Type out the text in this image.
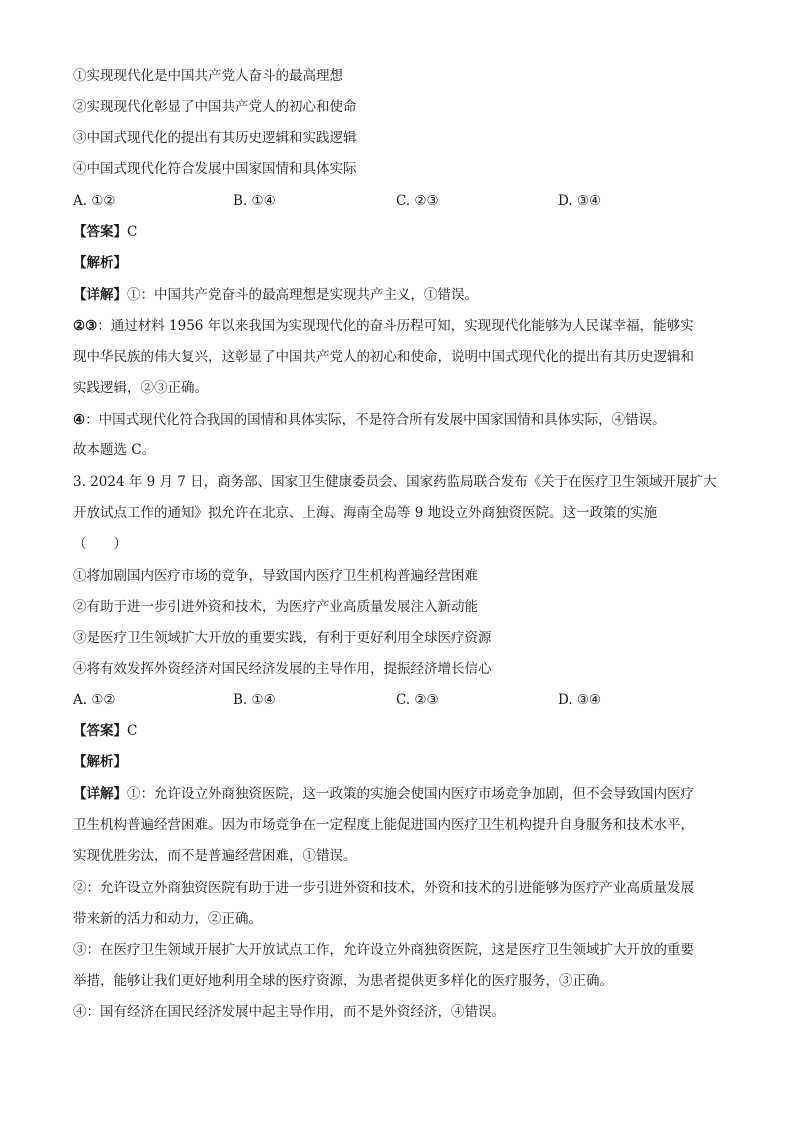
①实现现代化是中国共产党人奋斗的最高理想
②实现现代化彰显了中国共产党人的初心和使命
③中国式现代化的提出有其历史逻辑和实践逻辑
④中国式现代化符合发展中国家国情和具体实际
A. ①②	B. ①④	C. ②③	D. ③④
【答案】C
【解析】
【详解】①：中国共产党奋斗的最高理想是实现共产主义，①错误。
②③：通过材料 1956 年以来我国为实现现代化的奋斗历程可知，实现现代化能够为人民谋幸福，能够实
现中华民族的伟大复兴，这彰显了中国共产党人的初心和使命，说明中国式现代化的提出有其历史逻辑和
实践逻辑，②③正确。
④：中国式现代化符合我国的国情和具体实际，不是符合所有发展中国家国情和具体实际，④错误。
故本题选 C。
3. 2024 年 9 月 7 日，商务部、国家卫生健康委员会、国家药监局联合发布《关于在医疗卫生领域开展扩大
开放试点工作的通知》拟允许在北京、上海、海南全岛等 9 地设立外商独资医院。这一政策的实施
（　　）
①将加剧国内医疗市场的竞争，导致国内医疗卫生机构普遍经营困难
②有助于进一步引进外资和技术，为医疗产业高质量发展注入新动能
③是医疗卫生领域扩大开放的重要实践，有利于更好利用全球医疗资源
④将有效发挥外资经济对国民经济发展的主导作用，提振经济增长信心
A. ①②	B. ①④	C. ②③	D. ③④
【答案】C
【解析】
【详解】①：允许设立外商独资医院，这一政策的实施会使国内医疗市场竞争加剧，但不会导致国内医疗
卫生机构普遍经营困难。因为市场竞争在一定程度上能促进国内医疗卫生机构提升自身服务和技术水平，
实现优胜劣汰，而不是普遍经营困难，①错误。
②：允许设立外商独资医院有助于进一步引进外资和技术，外资和技术的引进能够为医疗产业高质量发展
带来新的活力和动力，②正确。
③：在医疗卫生领域开展扩大开放试点工作，允许设立外商独资医院，这是医疗卫生领域扩大开放的重要
举措，能够让我们更好地利用全球的医疗资源，为患者提供更多样化的医疗服务，③正确。
④：国有经济在国民经济发展中起主导作用，而不是外资经济，④错误。
